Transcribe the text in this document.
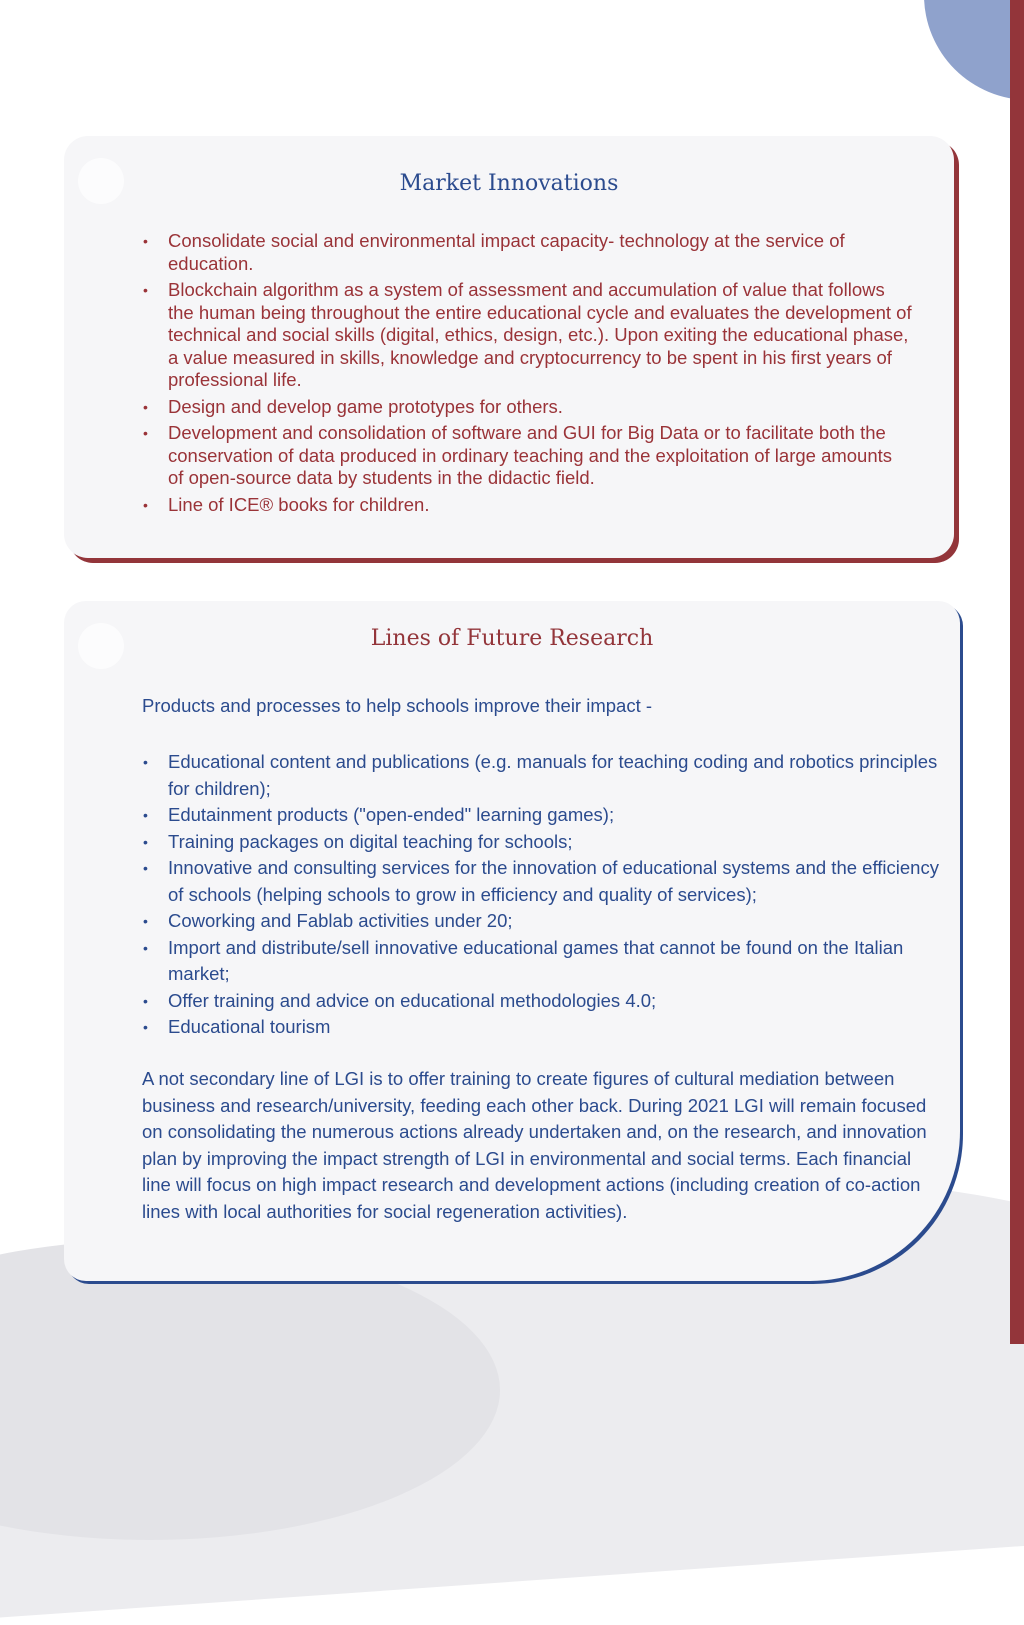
Market Innovations
• Consolidate social and environmental impact capacity- technology at the service of education.
• Blockchain algorithm as a system of assessment and accumulation of value that follows the human being throughout the entire educational cycle and evaluates the development of technical and social skills (digital, ethics, design, etc.). Upon exiting the educational phase, a value measured in skills, knowledge and cryptocurrency to be spent in his first years of professional life.
• Design and develop game prototypes for others.
• Development and consolidation of software and GUI for Big Data or to facilitate both the conservation of data produced in ordinary teaching and the exploitation of large amounts of open-source data by students in the didactic field.
• Line of ICE® books for children.
Lines of Future Research

Products and processes to help schools improve their impact -

• Educational content and publications (e.g. manuals for teaching coding and robotics principles for children);
• Edutainment products ("open-ended" learning games);
• Training packages on digital teaching for schools;
• Innovative and consulting services for the innovation of educational systems and the efficiency of schools (helping schools to grow in efficiency and quality of services);
• Coworking and Fablab activities under 20;
• Import and distribute/sell innovative educational games that cannot be found on the Italian market;
• Offer training and advice on educational methodologies 4.0;
• Educational tourism

A not secondary line of LGI is to offer training to create figures of cultural mediation between business and research/university, feeding each other back. During 2021 LGI will remain focused on consolidating the numerous actions already undertaken and, on the research, and innovation plan by improving the impact strength of LGI in environmental and social terms. Each financial line will focus on high impact research and development actions (including creation of co-action lines with local authorities for social regeneration activities).
